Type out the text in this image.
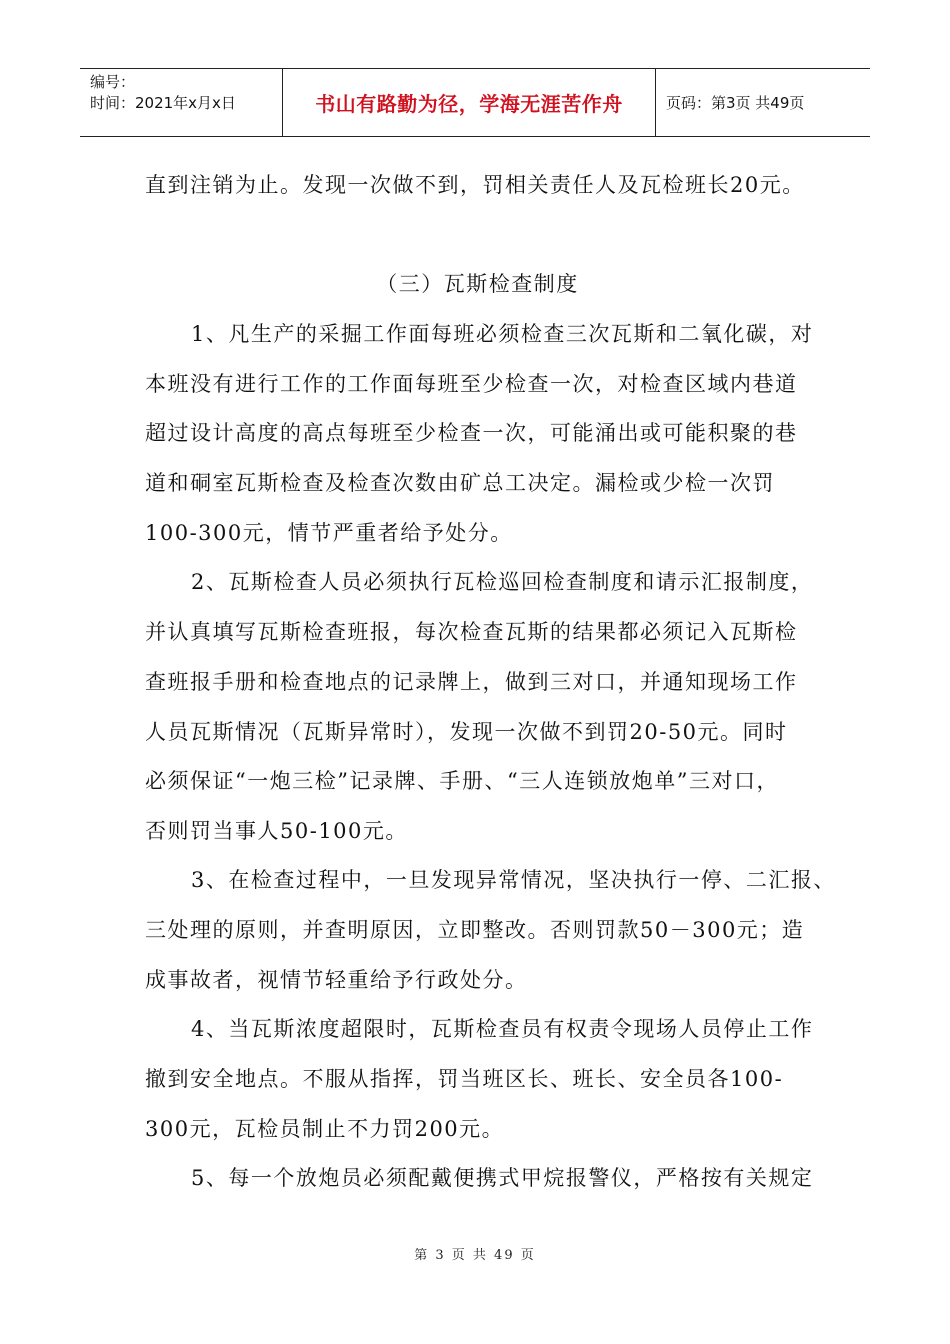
编号：
时间：2021年x月x日	书山有路勤为径，学海无涯苦作舟	页码：第3页 共49页
直到注销为止。发现一次做不到，罚相关责任人及瓦检班长20元。
（三）瓦斯检查制度
1、凡生产的采掘工作面每班必须检查三次瓦斯和二氧化碳，对
本班没有进行工作的工作面每班至少检查一次，对检查区域内巷道
超过设计高度的高点每班至少检查一次，可能涌出或可能积聚的巷
道和硐室瓦斯检查及检查次数由矿总工决定。漏检或少检一次罚
100-300元，情节严重者给予处分。
2、瓦斯检查人员必须执行瓦检巡回检查制度和请示汇报制度，
并认真填写瓦斯检查班报，每次检查瓦斯的结果都必须记入瓦斯检
查班报手册和检查地点的记录牌上，做到三对口，并通知现场工作
人员瓦斯情况（瓦斯异常时），发现一次做不到罚20-50元。同时
必须保证“一炮三检”记录牌、手册、“三人连锁放炮单”三对口，
否则罚当事人50-100元。
3、在检查过程中，一旦发现异常情况，坚决执行一停、二汇报、
三处理的原则，并查明原因，立即整改。否则罚款50－300元；造
成事故者，视情节轻重给予行政处分。
4、当瓦斯浓度超限时，瓦斯检查员有权责令现场人员停止工作
撤到安全地点。不服从指挥，罚当班区长、班长、安全员各100-
300元，瓦检员制止不力罚200元。
5、每一个放炮员必须配戴便携式甲烷报警仪，严格按有关规定
第 3 页 共 49 页
